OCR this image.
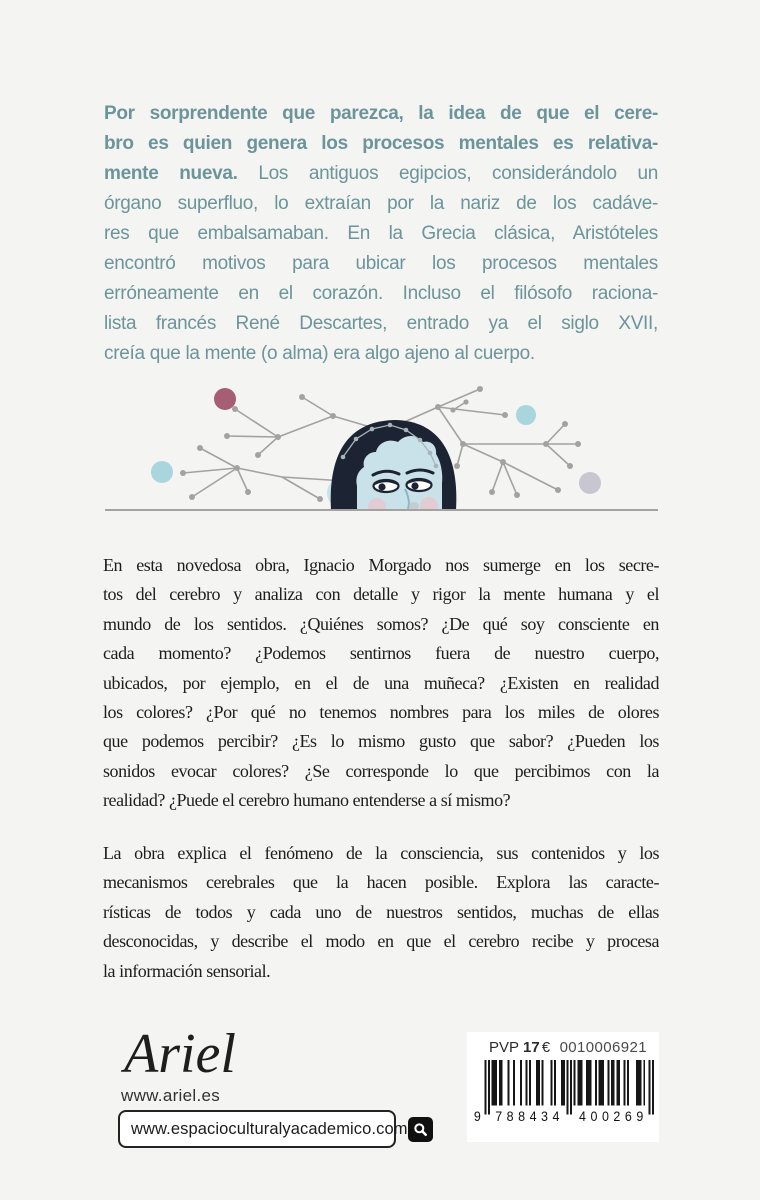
Por sorprendente que parezca, la idea de que el cere-
bro es quien genera los procesos mentales es relativa-
mente nueva. Los antiguos egipcios, considerándolo un
órgano superfluo, lo extraían por la nariz de los cadáve-
res que embalsamaban. En la Grecia clásica, Aristóteles
encontró motivos para ubicar los procesos mentales
erróneamente en el corazón. Incluso el filósofo raciona-
lista francés René Descartes, entrado ya el siglo XVII,
creía que la mente (o alma) era algo ajeno al cuerpo.
En esta novedosa obra, Ignacio Morgado nos sumerge en los secre-
tos del cerebro y analiza con detalle y rigor la mente humana y el
mundo de los sentidos. ¿Quiénes somos? ¿De qué soy consciente en
cada momento? ¿Podemos sentirnos fuera de nuestro cuerpo,
ubicados, por ejemplo, en el de una muñeca? ¿Existen en realidad
los colores? ¿Por qué no tenemos nombres para los miles de olores
que podemos percibir? ¿Es lo mismo gusto que sabor? ¿Pueden los
sonidos evocar colores? ¿Se corresponde lo que percibimos con la
realidad? ¿Puede el cerebro humano entenderse a sí mismo?
La obra explica el fenómeno de la consciencia, sus contenidos y los
mecanismos cerebrales que la hacen posible. Explora las caracte-
rísticas de todos y cada uno de nuestros sentidos, muchas de ellas
desconocidas, y describe el modo en que el cerebro recibe y procesa
la información sensorial.
Ariel
www.ariel.es
www.espacioculturalyacademico.com
PVP 17 € 0010006921
9 788434	400269
